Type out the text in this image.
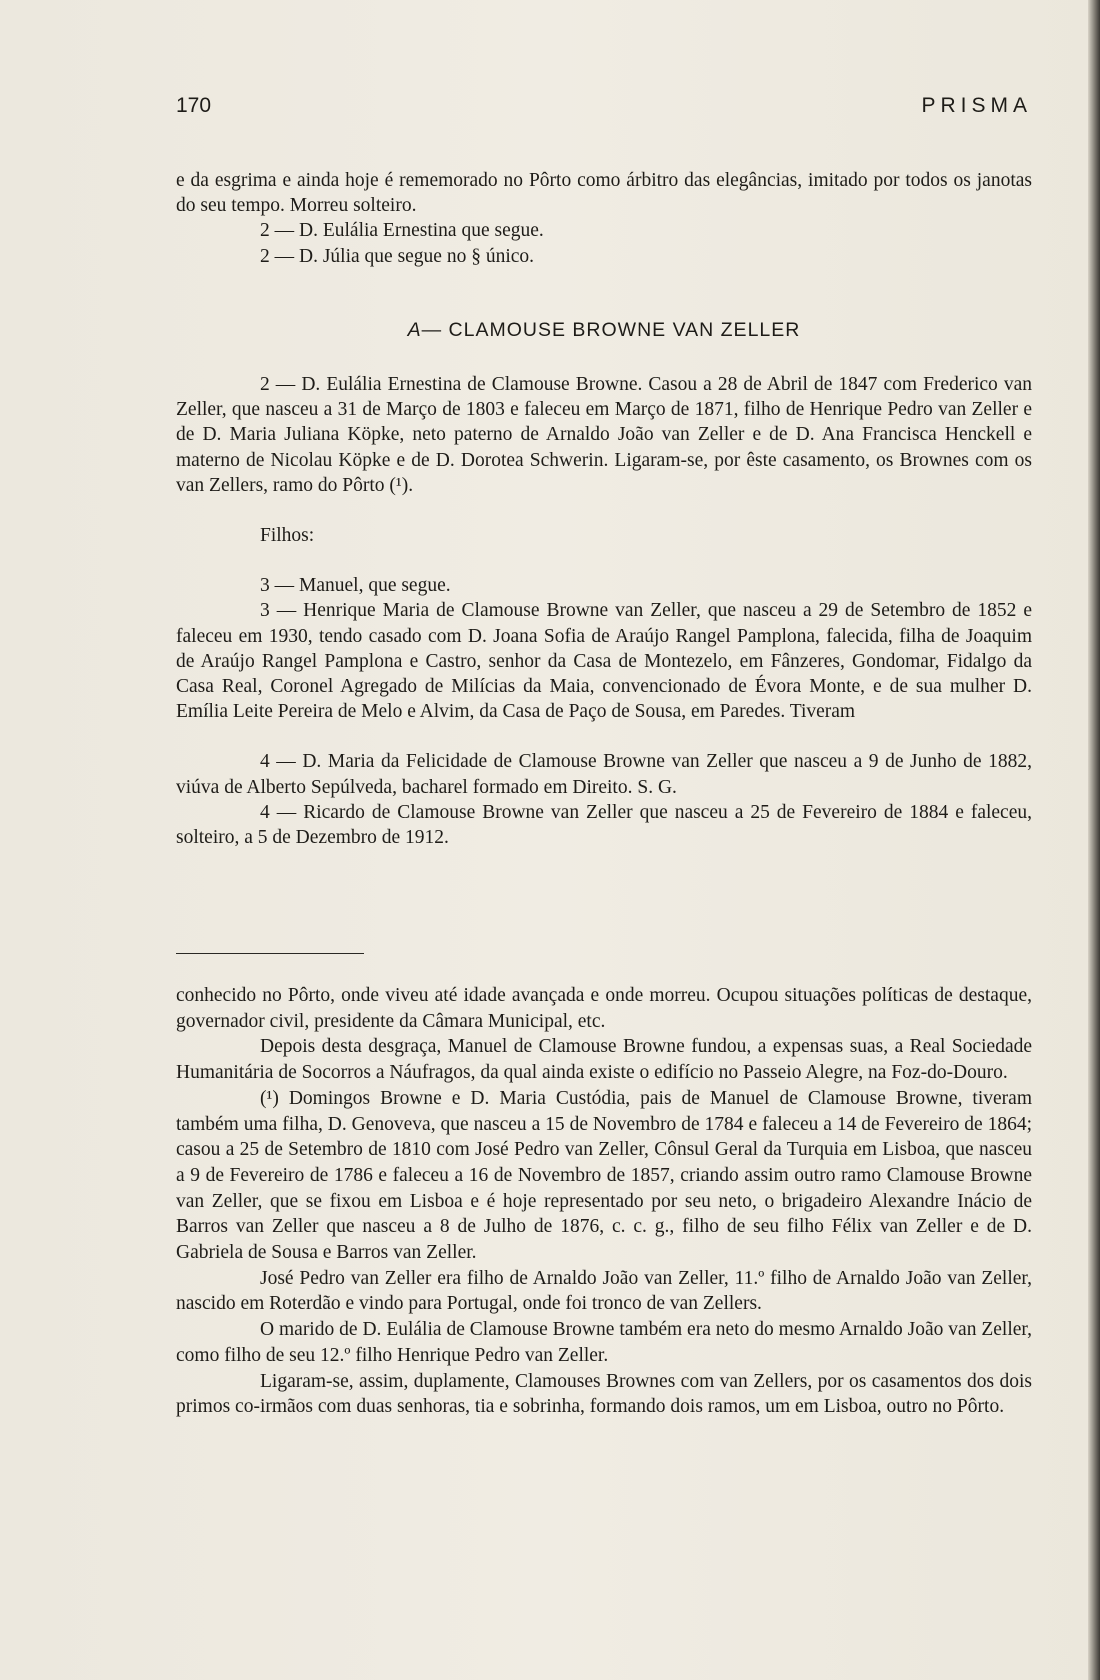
170	PRISMA

e da esgrima e ainda hoje é rememorado no Pôrto como árbitro das elegâncias, imitado por todos os janotas do seu tempo. Morreu solteiro.

2 — D. Eulália Ernestina que segue.

2 — D. Júlia que segue no § único.

A— CLAMOUSE BROWNE VAN ZELLER

2 — D. Eulália Ernestina de Clamouse Browne. Casou a 28 de Abril de 1847 com Frederico van Zeller, que nasceu a 31 de Março de 1803 e faleceu em Março de 1871, filho de Henrique Pedro van Zeller e de D. Maria Juliana Köpke, neto paterno de Arnaldo João van Zeller e de D. Ana Francisca Henckell e materno de Nicolau Köpke e de D. Dorotea Schwerin. Ligaram-se, por êste casamento, os Brownes com os van Zellers, ramo do Pôrto (¹).

Filhos:

3 — Manuel, que segue.

3 — Henrique Maria de Clamouse Browne van Zeller, que nasceu a 29 de Setembro de 1852 e faleceu em 1930, tendo casado com D. Joana Sofia de Araújo Rangel Pamplona, falecida, filha de Joaquim de Araújo Rangel Pamplona e Castro, senhor da Casa de Montezelo, em Fânzeres, Gondomar, Fidalgo da Casa Real, Coronel Agregado de Milícias da Maia, convencionado de Évora Monte, e de sua mulher D. Emília Leite Pereira de Melo e Alvim, da Casa de Paço de Sousa, em Paredes. Tiveram

4 — D. Maria da Felicidade de Clamouse Browne van Zeller que nasceu a 9 de Junho de 1882, viúva de Alberto Sepúlveda, bacharel formado em Direito. S. G.

4 — Ricardo de Clamouse Browne van Zeller que nasceu a 25 de Fevereiro de 1884 e faleceu, solteiro, a 5 de Dezembro de 1912.

conhecido no Pôrto, onde viveu até idade avançada e onde morreu. Ocupou situações políticas de destaque, governador civil, presidente da Câmara Municipal, etc.

Depois desta desgraça, Manuel de Clamouse Browne fundou, a expensas suas, a Real Sociedade Humanitária de Socorros a Náufragos, da qual ainda existe o edifício no Passeio Alegre, na Foz-do-Douro.

(¹) Domingos Browne e D. Maria Custódia, pais de Manuel de Clamouse Browne, tiveram também uma filha, D. Genoveva, que nasceu a 15 de Novembro de 1784 e faleceu a 14 de Fevereiro de 1864; casou a 25 de Setembro de 1810 com José Pedro van Zeller, Cônsul Geral da Turquia em Lisboa, que nasceu a 9 de Fevereiro de 1786 e faleceu a 16 de Novembro de 1857, criando assim outro ramo Clamouse Browne van Zeller, que se fixou em Lisboa e é hoje representado por seu neto, o brigadeiro Alexandre Inácio de Barros van Zeller que nasceu a 8 de Julho de 1876, c. c. g., filho de seu filho Félix van Zeller e de D. Gabriela de Sousa e Barros van Zeller.

José Pedro van Zeller era filho de Arnaldo João van Zeller, 11.º filho de Arnaldo João van Zeller, nascido em Roterdão e vindo para Portugal, onde foi tronco de van Zellers.

O marido de D. Eulália de Clamouse Browne também era neto do mesmo Arnaldo João van Zeller, como filho de seu 12.º filho Henrique Pedro van Zeller.

Ligaram-se, assim, duplamente, Clamouses Brownes com van Zellers, por os casamentos dos dois primos co-irmãos com duas senhoras, tia e sobrinha, formando dois ramos, um em Lisboa, outro no Pôrto.
